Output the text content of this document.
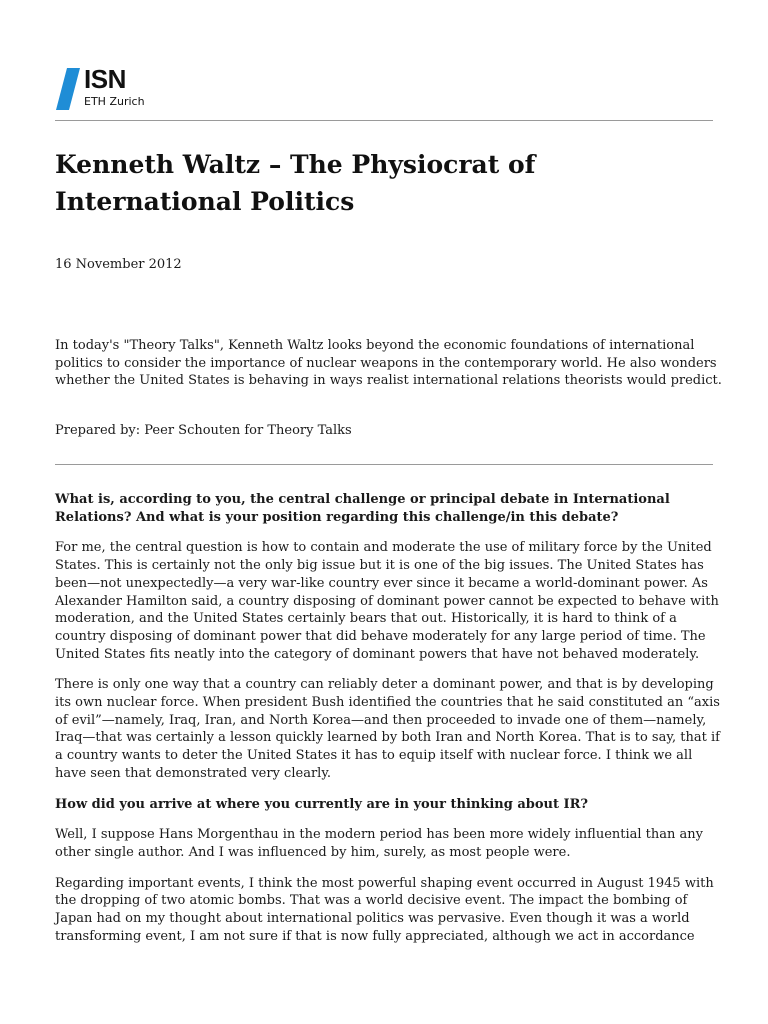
ISN
ETH Zurich
Kenneth Waltz – The Physiocrat of International Politics
16 November 2012

In today's "Theory Talks", Kenneth Waltz looks beyond the economic foundations of international politics to consider the importance of nuclear weapons in the contemporary world. He also wonders whether the United States is behaving in ways realist international relations theorists would predict.

Prepared by: Peer Schouten for Theory Talks

What is, according to you, the central challenge or principal debate in International Relations? And what is your position regarding this challenge/in this debate?

For me, the central question is how to contain and moderate the use of military force by the United States. This is certainly not the only big issue but it is one of the big issues. The United States has been—not unexpectedly—a very war-like country ever since it became a world-dominant power. As Alexander Hamilton said, a country disposing of dominant power cannot be expected to behave with moderation, and the United States certainly bears that out. Historically, it is hard to think of a country disposing of dominant power that did behave moderately for any large period of time. The United States fits neatly into the category of dominant powers that have not behaved moderately.

There is only one way that a country can reliably deter a dominant power, and that is by developing its own nuclear force. When president Bush identified the countries that he said constituted an “axis of evil”—namely, Iraq, Iran, and North Korea—and then proceeded to invade one of them—namely, Iraq—that was certainly a lesson quickly learned by both Iran and North Korea. That is to say, that if a country wants to deter the United States it has to equip itself with nuclear force. I think we all have seen that demonstrated very clearly.

How did you arrive at where you currently are in your thinking about IR?

Well, I suppose Hans Morgenthau in the modern period has been more widely influential than any other single author. And I was influenced by him, surely, as most people were.

Regarding important events, I think the most powerful shaping event occurred in August 1945 with the dropping of two atomic bombs. That was a world decisive event. The impact the bombing of Japan had on my thought about international politics was pervasive. Even though it was a world transforming event, I am not sure if that is now fully appreciated, although we act in accordance
